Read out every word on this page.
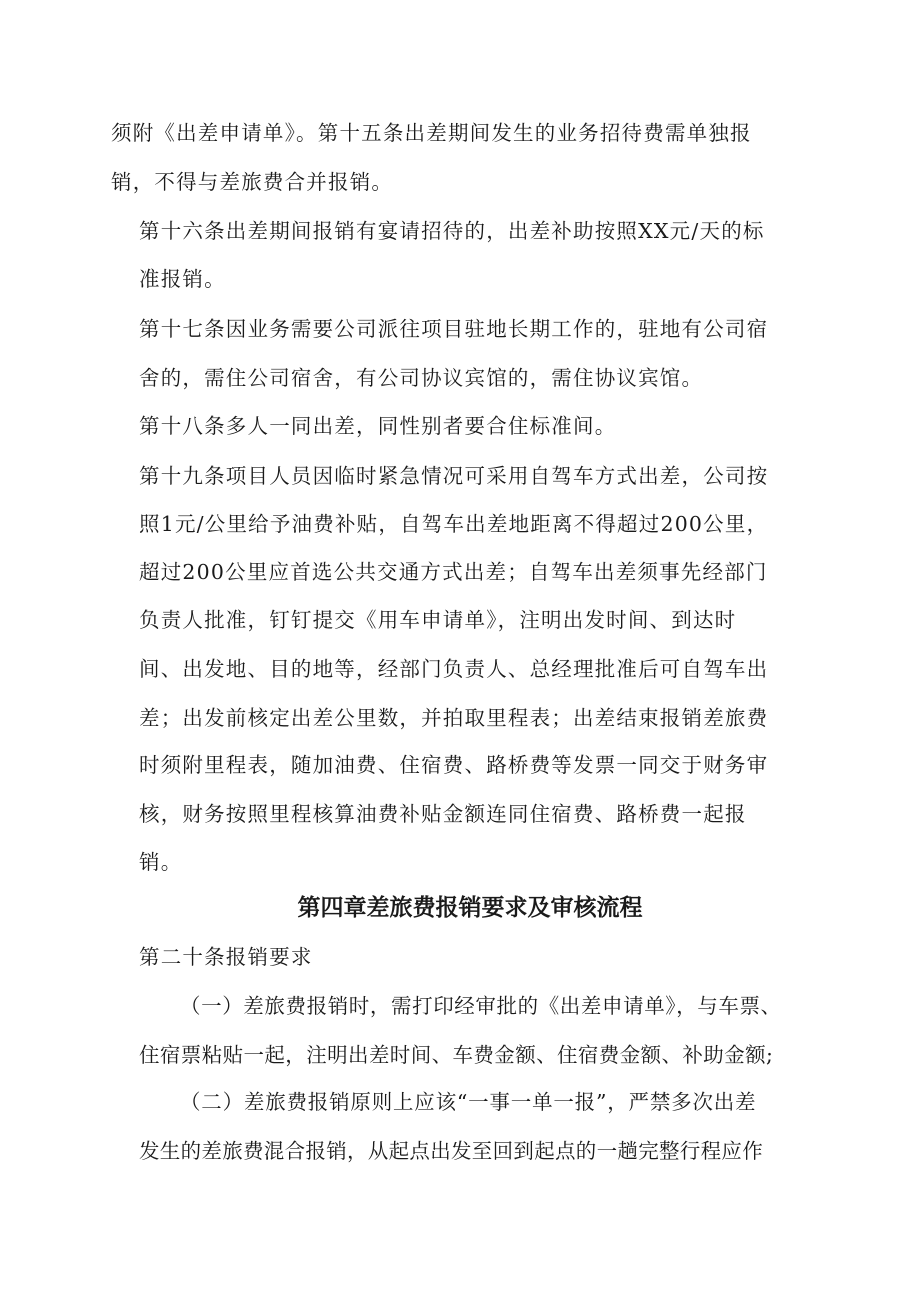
须附《出差申请单》。第十五条出差期间发生的业务招待费需单独报
销，不得与差旅费合并报销。
第十六条出差期间报销有宴请招待的，出差补助按照XX元/天的标
准报销。
第十七条因业务需要公司派往项目驻地长期工作的，驻地有公司宿
舍的，需住公司宿舍，有公司协议宾馆的，需住协议宾馆。
第十八条多人一同出差，同性别者要合住标准间。
第十九条项目人员因临时紧急情况可采用自驾车方式出差，公司按
照1元/公里给予油费补贴，自驾车出差地距离不得超过200公里，
超过200公里应首选公共交通方式出差；自驾车出差须事先经部门
负责人批准，钉钉提交《用车申请单》，注明出发时间、到达时
间、出发地、目的地等，经部门负责人、总经理批准后可自驾车出
差；出发前核定出差公里数，并拍取里程表；出差结束报销差旅费
时须附里程表，随加油费、住宿费、路桥费等发票一同交于财务审
核，财务按照里程核算油费补贴金额连同住宿费、路桥费一起报
销。
第四章差旅费报销要求及审核流程
第二十条报销要求
（一）差旅费报销时，需打印经审批的《出差申请单》，与车票、
住宿票粘贴一起，注明出差时间、车费金额、住宿费金额、补助金额;
（二）差旅费报销原则上应该“一事一单一报”，严禁多次出差
发生的差旅费混合报销，从起点出发至回到起点的一趟完整行程应作
